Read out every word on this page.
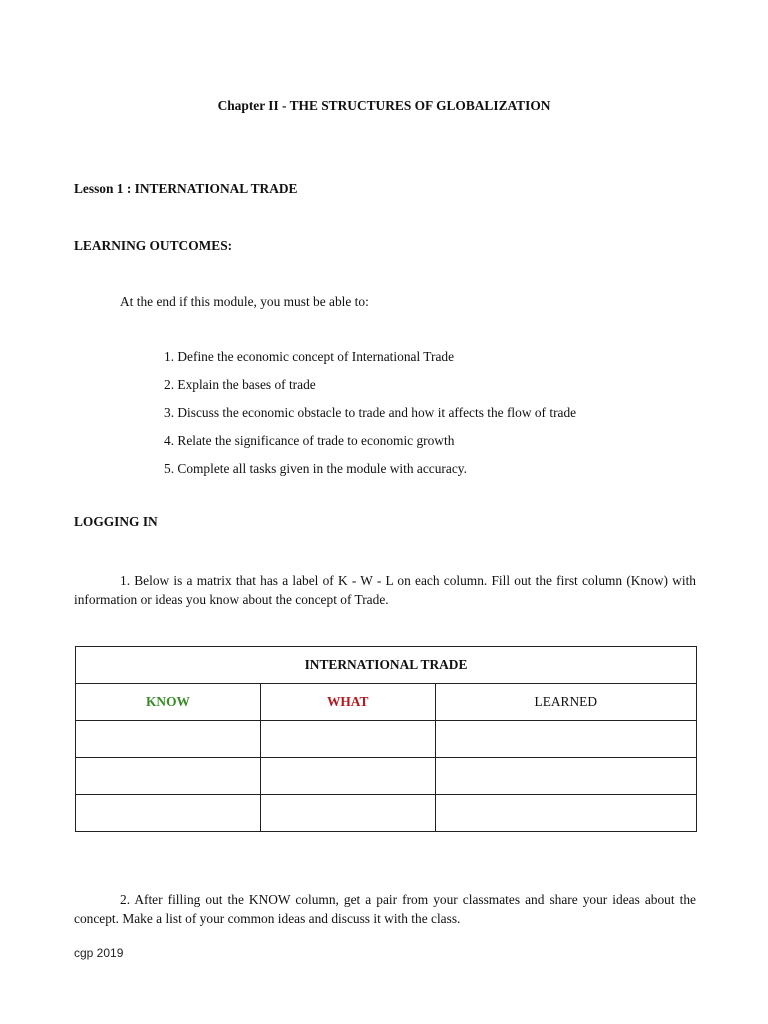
Chapter II - THE STRUCTURES OF GLOBALIZATION
Lesson 1 : INTERNATIONAL TRADE
LEARNING OUTCOMES:
At the end if this module, you must be able to:
1. Define the economic concept of International Trade
2. Explain the bases of trade
3. Discuss the economic obstacle to trade and how it affects the flow of trade
4. Relate the significance of trade to economic growth
5. Complete all tasks given in the module with accuracy.
LOGGING IN
1. Below is a matrix that has a label of K - W - L on each column. Fill out the first column (Know) with information or ideas you know about the concept of Trade.
INTERNATIONAL TRADE		
KNOW	WHAT	LEARNED

2. After filling out the KNOW column, get a pair from your classmates and share your ideas about the concept. Make a list of your common ideas and discuss it with the class.
cgp 2019
